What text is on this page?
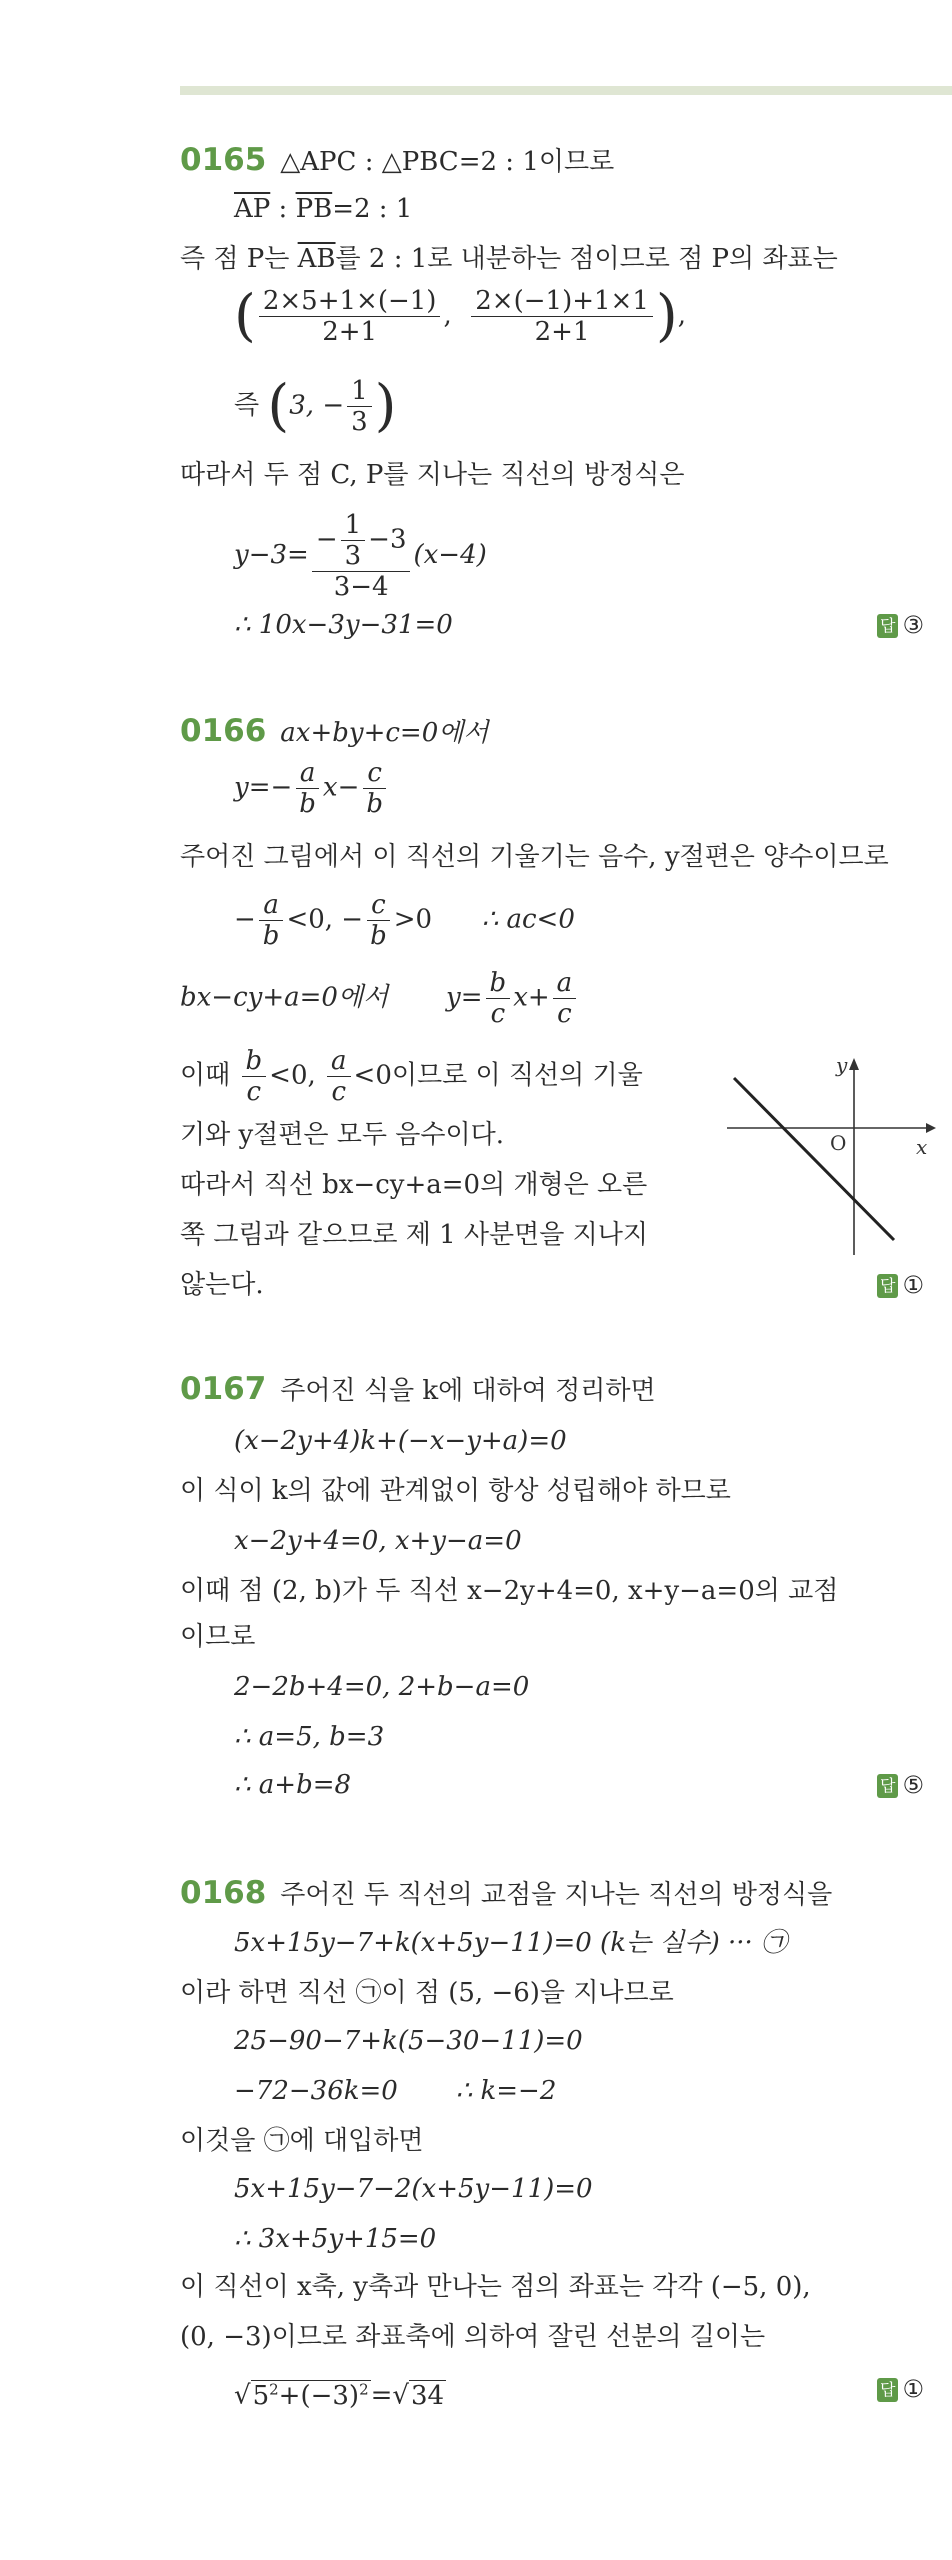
0165 △APC : △PBC=2 : 1이므로
$\overline{AP}$ : $\overline{PB}=2$ : 1
즉 점 P는 $\overline{AB}$를 2 : 1로 내분하는 점이므로 점 P의 좌표는
( $\frac{2\times 5+1\times(-1)}{2+1}$ , $\frac{2\times(-1)+1\times 1}{2+1}$ ),
즉 (3, − $\frac{1}{3}$ )
따라서 두 점 C, P를 지나는 직선의 방정식은
$y-3= \frac{- \frac{1}{3} -3}{3-4} (x-4)$
∴ 10x−3y−31=0	답 ③
0166 ax+by+c=0에서
$y=- \frac{a}{b} x- \frac{c}{b}$
주어진 그림에서 이 직선의 기울기는 음수, y절편은 양수이므로
− $\frac{a}{b} <0$, − $\frac{c}{b} >0$ ∴ ac<0
bx−cy+a=0에서 $y= \frac{b}{c} x+ \frac{a}{c}$
이때 $\frac{b}{c} <0$, $\frac{a}{c} <0$이므로 이 직선의 기울
기와 y절편은 모두 음수이다.
따라서 직선 bx−cy+a=0의 개형은 오른
쪽 그림과 같으므로 제 1 사분면을 지나지
않는다.
y
x
O
답 ①
0167 주어진 식을 k에 대하여 정리하면
(x−2y+4)k+(−x−y+a)=0
이 식이 k의 값에 관계없이 항상 성립해야 하므로
x−2y+4=0, x+y−a=0
이때 점 (2, b)가 두 직선 x−2y+4=0, x+y−a=0의 교점
이므로
2−2b+4=0, 2+b−a=0
∴ a=5, b=3
∴ a+b=8	답 ⑤
0168 주어진 두 직선의 교점을 지나는 직선의 방정식을
5x+15y−7+k(x+5y−11)=0 (k는 실수) ··· ㉠
이라 하면 직선 ㉠이 점 (5, −6)을 지나므로
25−90−7+k(5−30−11)=0
−72−36k=0 ∴ k=−2
이것을 ㉠에 대입하면
5x+15y−7−2(x+5y−11)=0
∴ 3x+5y+15=0
이 직선이 x축, y축과 만나는 점의 좌표는 각각 (−5, 0),
(0, −3)이므로 좌표축에 의하여 잘린 선분의 길이는
$√5^2+(-3)^2=√34$	답 ①
